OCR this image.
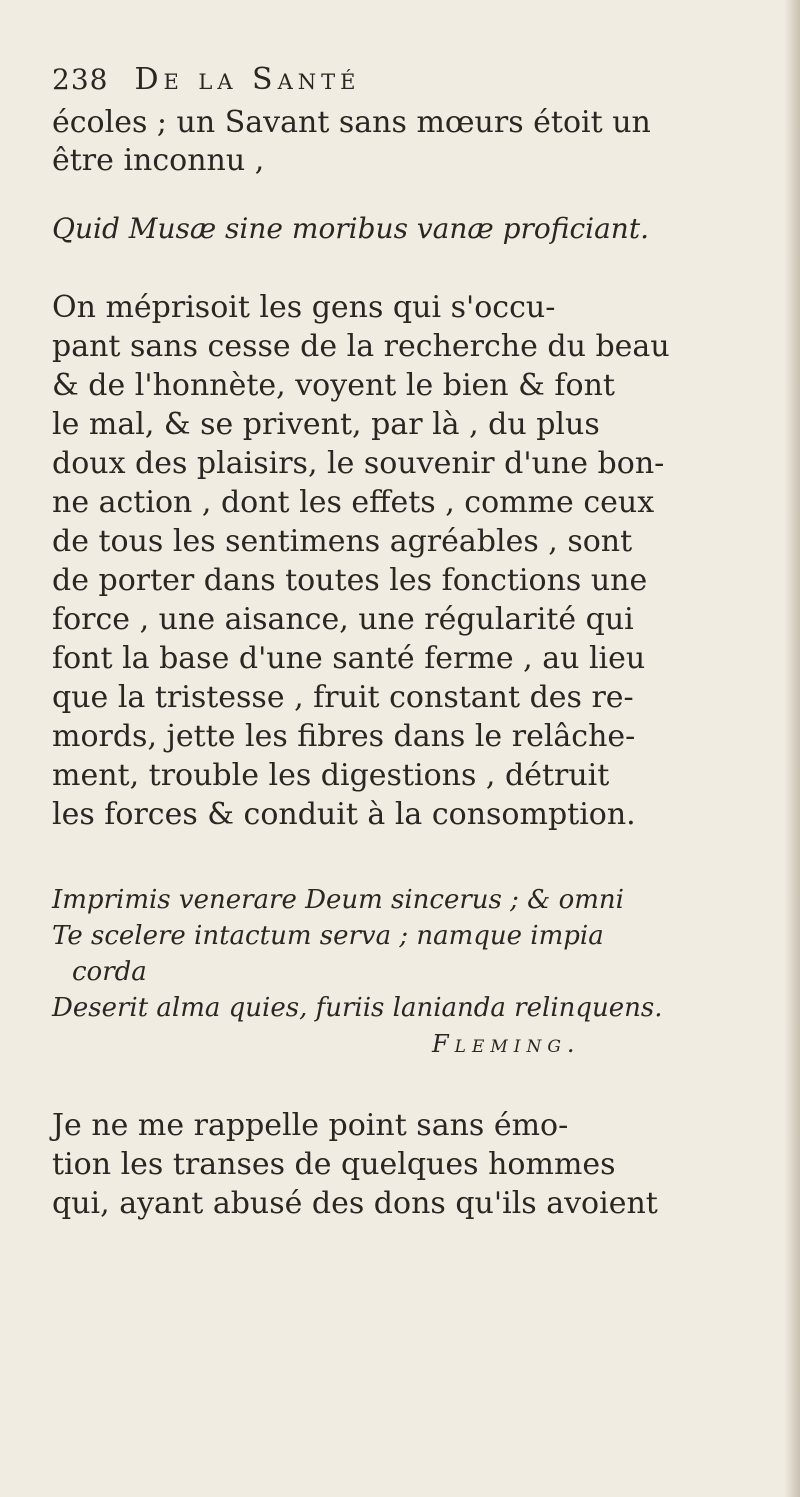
238 De la Santé
écoles ; un Savant sans mœurs étoit un
être inconnu ,
Quid Musæ sine moribus vanæ proficiant.
On méprisoit les gens qui s'occu-
pant sans cesse de la recherche du beau
& de l'honnète, voyent le bien & font
le mal, & se privent, par là , du plus
doux des plaisirs, le souvenir d'une bon-
ne action , dont les effets , comme ceux
de tous les sentimens agréables , sont
de porter dans toutes les fonctions une
force , une aisance, une régularité qui
font la base d'une santé ferme , au lieu
que la tristesse , fruit constant des re-
mords, jette les fibres dans le relâche-
ment, trouble les digestions , détruit
les forces & conduit à la consomption.
Imprimis venerare Deum sincerus ; & omni
Te scelere intactum serva ; namque impia
corda
Deserit alma quies, furiis lanianda relinquens.
Fleming.
Je ne me rappelle point sans émo-
tion les transes de quelques hommes
qui, ayant abusé des dons qu'ils avoient
